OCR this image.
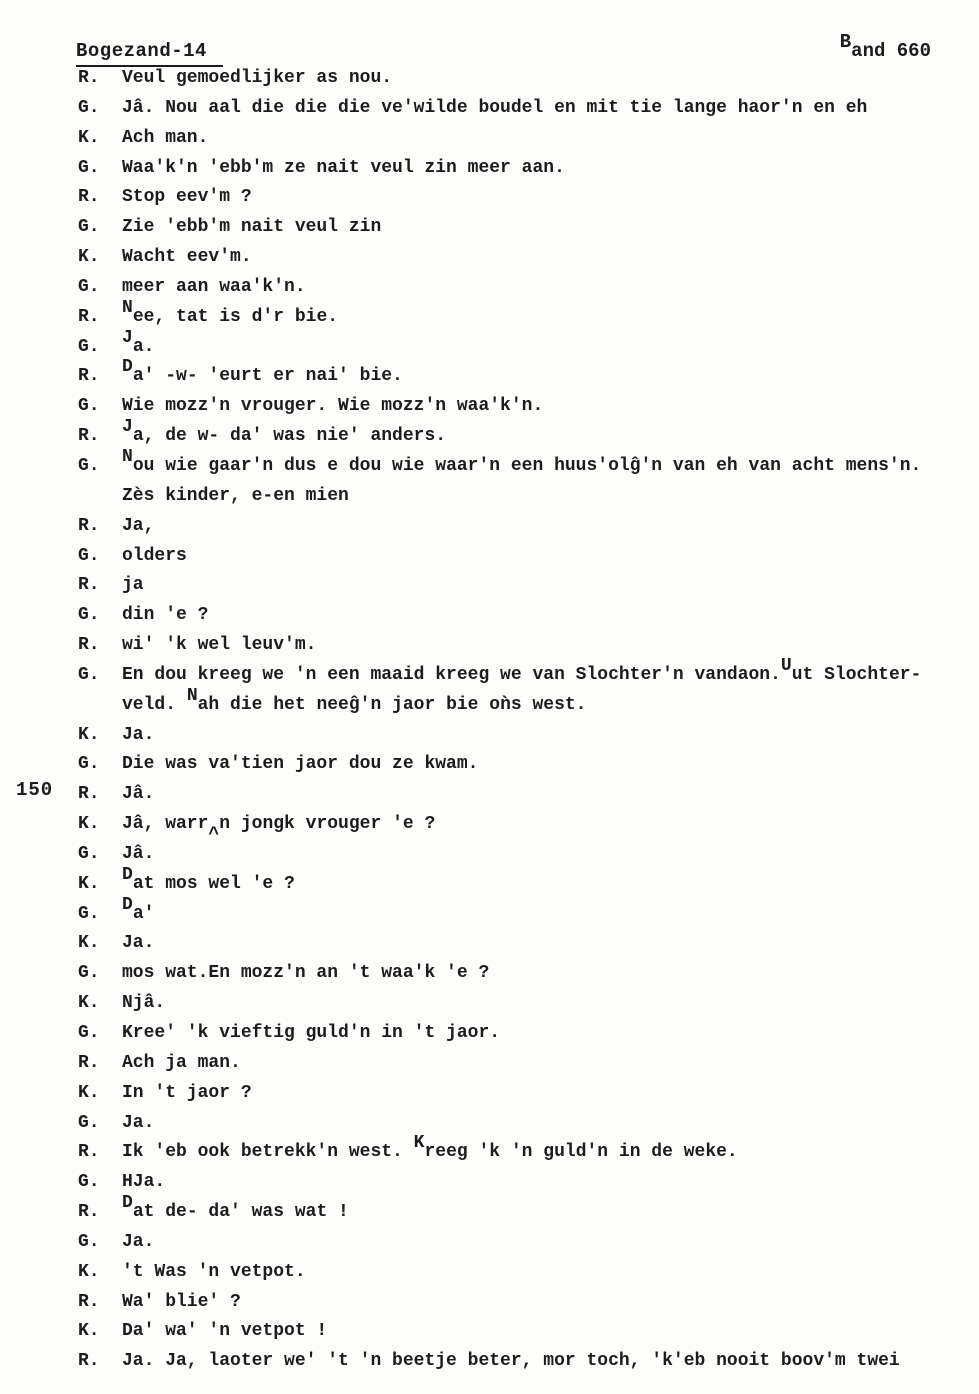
Bogezand-14	Band 660
150
R.	Veul gemoedlijker as nou.
G.	Jâ. Nou aal die die die ve'wilde boudel en mit tie lange haor'n en eh
K.	Ach man.
G.	Waa'k'n 'ebb'm ze nait veul zin meer aan.
R.	Stop eev'm ?
G.	Zie 'ebb'm nait veul zin
K.	Wacht eev'm.
G.	meer aan waa'k'n.
R.	Nee, tat is d'r bie.
G.	Ja.
R.	Da' -w- 'eurt er nai' bie.
G.	Wie mozz'n vrouger. Wie mozz'n waa'k'n.
R.	Ja, de w- da' was nie' anders.
G.	Nou wie gaar'n dus e dou wie waar'n een huus'olĝ'n van eh van acht mens'n.
Zès kinder, e-en mien
R.	Ja,
G.	olders
R.	ja
G.	din 'e ?
R.	wi' 'k wel leuv'm.
G.	En dou kreeg we 'n een maaid kreeg we van Slochter'n vandaon.Uut Slochter-
veld. Nah die het neeĝ'n jaor bie oǹs west.
K.	Ja.
G.	Die was va'tien jaor dou ze kwam.
R.	Jâ.
K.	Jâ, warr^n jongk vrouger 'e ?
G.	Jâ.
K.	Dat mos wel 'e ?
G.	Da'
K.	Ja.
G.	mos wat.En mozz'n an 't waa'k 'e ?
K.	Njâ.
G.	Kree' 'k vieftig guld'n in 't jaor.
R.	Ach ja man.
K.	In 't jaor ?
G.	Ja.
R.	Ik 'eb ook betrekk'n west. Kreeg 'k 'n guld'n in de weke.
G.	HJa.
R.	Dat de- da' was wat !
G.	Ja.
K.	't Was 'n vetpot.
R.	Wa' blie' ?
K.	Da' wa' 'n vetpot !
R.	Ja. Ja, laoter we' 't 'n beetje beter, mor toch, 'k'eb nooit boov'm twei
